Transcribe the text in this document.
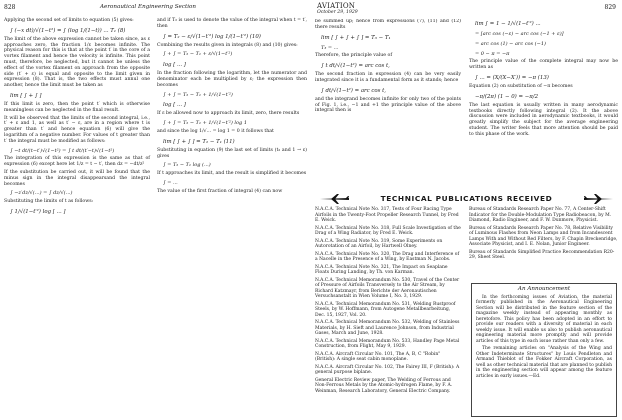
828	Aeronautical Engineering Section

Applying the second set of limits to equation (5) gives:

∫ (−x dt)/√(1−t²) = ∫ (log 1/(1−t)) ... T₁ (8)

The limit of the above expression cannot be taken since, as ε approaches zero, the fraction 1/ε becomes infinite. The physical reason for this is that at the point t′ in the core of a vortex filament and hence the velocity is infinite. This point must, therefore, be neglected, but it cannot be unless the effect of the vortex filament on approach from the opposite side (t′ + ε) is equal and opposite to the limit given in expression (8). That is, the two effects must annul one another, hence the limit must be taken as

lim [ ∫ + ∫ ]

If this limit is zero, then the point t′ which is otherwise meaningless can be neglected in the final result.

It will be observed that the limits of the second integral, i.e., t′ + ε and 1, as well as t′ − ε, are in a region where t is greater than t′ and hence equation (6) will give the logarithm of a negative number. For values of t greater than t′ the integral must be modified as follows:

∫ −t dt/(t−t′)√(1−t²) = ∫ t dt/(t′−t)√(1−t²)

The integration of this expression is the same as that of expression (6) except here let 1/z = t − t′, then dz = −dt/z²

If the substitution be carried out, it will be found that the minus sign in the integral disappearsand the integral becomes

∫ −z′dz/√(...) = ∫ dz/√(...)

Substituting the limits of t as follows:

∫ 1/√(1−t′²) log [ ... ]

and if T₂ is used to denote the value of the integral when t = t′, then

∫ = T₂ − ε/√(1−t′²) log 1/(1−t′²) (10)

Combining the results given in integrals (8) and (10) gives:

∫ + ∫ = T₂ − T₁ + ε/√(1−t′²)
log [ ... ]

In the fraction following the logarithm, let the numerator and denominator each be multiplied by ε; the expression then becomes

∫ + ∫ = T₂ − T₁ + 1/√(1−t′²)
log [ ... ]

If ε be allowed now to approach its limit, zero, there results

∫ + ∫ = T₂ − T₁ + 1/√(1−t′²) log 1

and since the log 1/√... = log 1 = 0 it follows that

lim [ ∫ + ∫ ] = T₂ − T₁ (11)

Substituting in equation (9) the last set of limits (t₂ and 1 → ε) gives

∫ = T₂ − T₁ log (...)

If t approaches its limit, and the result is simplified it becomes

∫ = ...

The value of the first fraction of integral (4) can now

AVIATION
October 29, 1929
829

be summed up; hence from expressions (7), (11) and (12) there results

lim [ ∫ + ∫ + ∫ ] = T₃ − T₁
T₃ = ...

Therefore, the principle value of

∫ t dt/√(1−t²) = arc cos t,

The second fraction in expression (4) can be very easily integrated since it is a fundamental form as it stands; hence

∫ dt/√(1−t²) = arc cos t,

and the integrand becomes infinite for only two of the points of Fig. 1, i.e., −1 and +1 the principle value of the above integral then is

lim ∫ = 1 − 1/√(1−t′²) ...
= [arc cos (−ε) − arc cos (−1 + ε)]
= arc cos (1) − arc cos (−1)
= 0 − π = −π

The principle value of the complete integral may now be written as

∫ ... = (X/(X−X′)) = −π (13)

Equation (2) on substitution of −π becomes

−π/(2π) (1 − 0) = −π/2

The last equation is usually written in many aerodynamic textbooks directly following integral (2). It the above discussion were included in aerodynamic textbooks, it would greatly simplify the subject for the average engineering student. The writer feels that more attention should be paid to this phase of the work.

TECHNICAL PUBLICATIONS RECEIVED

N.A.C.A. Technical Note No. 317, Tests of Four Racing Type Airfoils in the Twenty-Foot Propeller Research Tunnel, by Fred E. Weick.

N.A.C.A. Technical Note No. 318, Full Scale Investigation of the Drag of a Wing Radiator, by Fred E. Weick.

N.A.C.A. Technical Note No. 319, Some Experiments on Autorotation of an Airfoil, by Hartwell Olney.

N.A.C.A. Technical Note No. 320, The Drag and Interference of a Nacelle in the Presence of a Wing, by Eastman N. Jacobs.

N.A.C.A. Technical Note No. 321, The Impact on Seaplane Floats During Landing, by Th. von Karman.

N.A.C.A. Technical Memorandum No. 530, Travel of the Center of Pressure of Airfoils Transversely to the Air Stream, by Richard Katzmayr, from Berichte der Aeronautischen Versuchsanstalt in Wien Volume I, No. 3, 1929.

N.A.C.A. Technical Memorandum No. 531, Welding Rustproof Steels, by W. Hoffmann, from Autogene Metallbearbeitung, Dec. 15, 1927, Vol. 20.

N.A.C.A. Technical Memorandum No. 532, Welding of Stainless Materials, by H. Sieft and Laurence Johnson, from Industrial Gases, March and June, 1928.

N.A.C.A. Technical Memorandum No. 533, Handley Page Metal Construction, from Flight, May 9, 1929.

N.A.C.A. Aircraft Circular No. 101, The A, B, C "Robin" (British): A single seat cabin monoplane.

N.A.C.A. Aircraft Circular No. 102, The Fairey III, F (British): A general purpose biplane.

General Electric Review paper, The Welding of Ferrous and Non-Ferrous Metals by the Atomic-hydrogen Flame, by F. A. Weinman, Research Laboratory, General Electric Company.

Bureau of Standards Research Paper No. 77, A Center-Shift Indicator for the Double-Modulation Type Radiobeacon, by M. Diamond, Radio Engineer, and F. W. Dunmore, Physicist.

Bureau of Standards Research Paper No. 78, Relative Visibility of Luminous Flashes from Neon Lamps and from Incandescent Lamps With and Without Red Filters, by F. Chapin Breckenridge, Associate Physicist, and I. E. Nolan, Junior Engineer.

Bureau of Standards Simplified Practice Recommendation R20-29, Sheet Steel.

An Announcement

In the forthcoming issues of Aviation, the material formerly published in the Aeronautical Engineering Section will be distributed in the feature section of the magazine weekly instead of appearing monthly as heretofore. This policy has been adopted in an effort to provide our readers with a diversity of material in each weekly issue. It will enable us also to publish aeronautical engineering material more promptly and will provide articles of this type in each issue rather than only a few.

The remaining articles on "Analysis of the Wing and Other Indeterminate Structures" by Louis Pendleton and Armand Thieblot of the Fokker Aircraft Corporation, as well as other technical material that are planned to publish in the engineering section will appear among the feature articles in early issues.—Ed.
